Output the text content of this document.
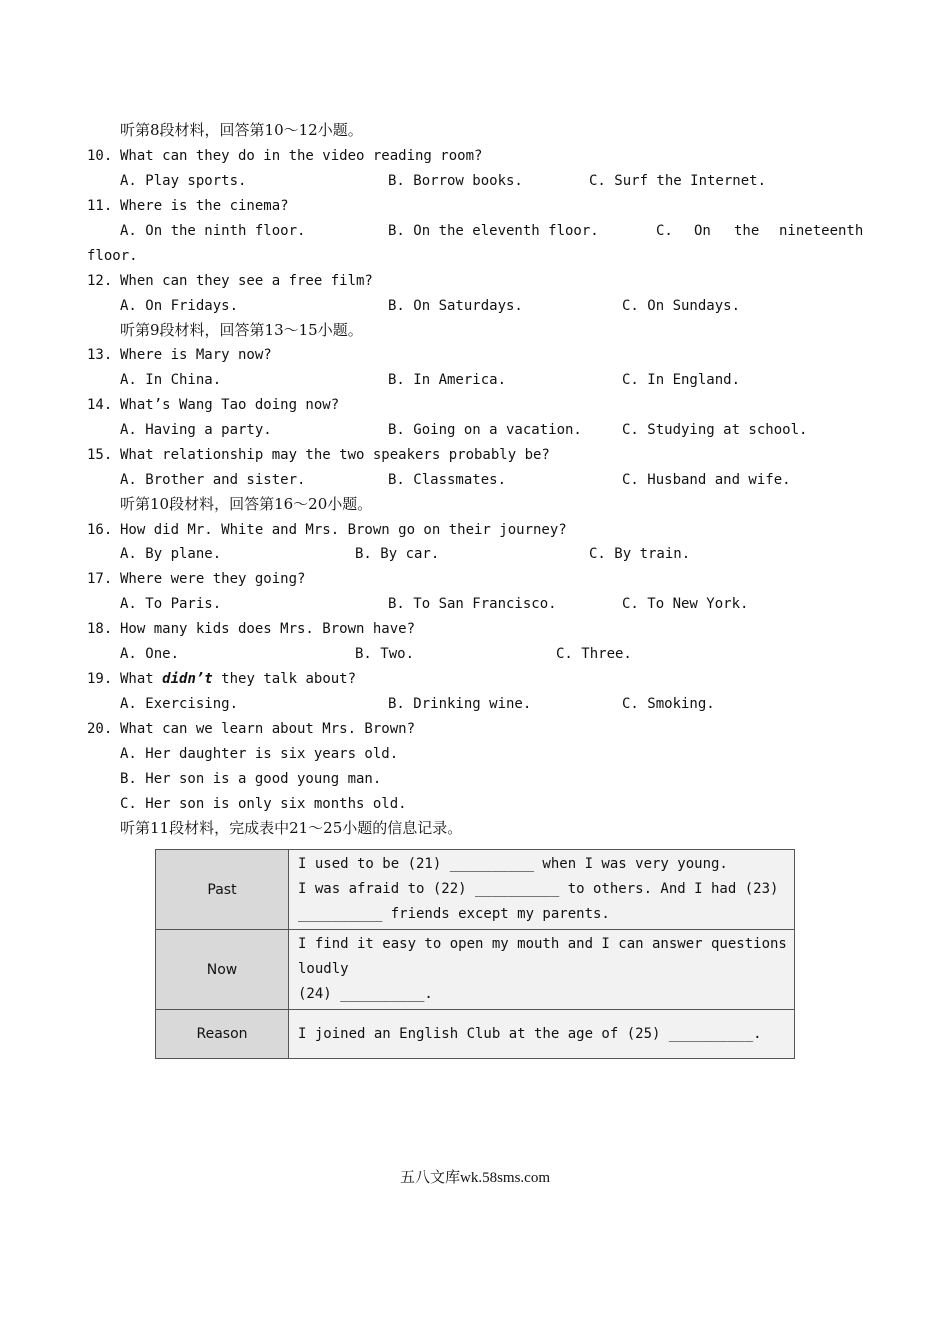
听第8段材料，回答第10～12小题。
10. What can they do in the video reading room?
A. Play sports.	B. Borrow books.	C. Surf the Internet.
11. Where is the cinema?
A. On the ninth floor.	B. On the eleventh floor.	C. On the nineteenth
floor.
12. When can they see a free film?
A. On Fridays.	B. On Saturdays.	C. On Sundays.
听第9段材料，回答第13～15小题。
13. Where is Mary now?
A. In China.	B. In America.	C. In England.
14. What’s Wang Tao doing now?
A. Having a party.	B. Going on a vacation.	C. Studying at school.
15. What relationship may the two speakers probably be?
A. Brother and sister.	B. Classmates.	C. Husband and wife.
听第10段材料，回答第16～20小题。
16. How did Mr. White and Mrs. Brown go on their journey?
A. By plane.	B. By car.	C. By train.
17. Where were they going?
A. To Paris.	B. To San Francisco.	C. To New York.
18. How many kids does Mrs. Brown have?
A. One.	B. Two.	C. Three.
19. What didn’t they talk about?
A. Exercising.	B. Drinking wine.	C. Smoking.
20. What can we learn about Mrs. Brown?
A. Her daughter is six years old.
B. Her son is a good young man.
C. Her son is only six months old.
听第11段材料，完成表中21～25小题的信息记录。
Past	I used to be (21) __________ when I was very young.
I was afraid to (22) __________ to others. And I had (23)
__________ friends except my parents.

Now	I find it easy to open my mouth and I can answer questions
loudly
(24) __________.

Reason	I joined an English Club at the age of (25) __________.
五八文库wk.58sms.com
